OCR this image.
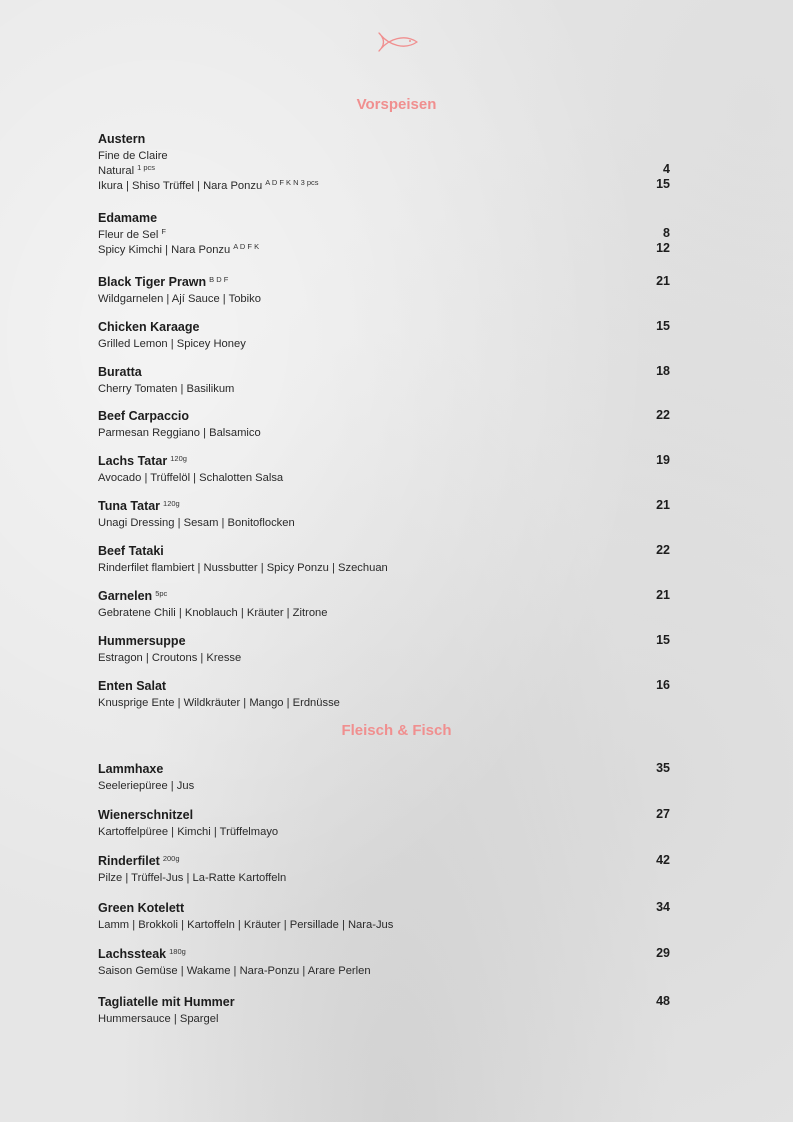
Vorspeisen
Austern
Fine de Claire
Natural $^{1 pcs}$	4
Ikura | Shiso Trüffel | Nara Ponzu $^{A D F K N 3 pcs}$	15
Edamame
Fleur de Sel $^F$	8
Spicy Kimchi | Nara Ponzu $^{A D F K}$	12
Black Tiger Prawn $^{B D F}$	21
Wildgarnelen | Ají Sauce | Tobiko
Chicken Karaage	15
Grilled Lemon | Spicey Honey
Buratta	18
Cherry Tomaten | Basilikum
Beef Carpaccio	22
Parmesan Reggiano | Balsamico
Lachs Tatar $^{120g}$	19
Avocado | Trüffelöl | Schalotten Salsa
Tuna Tatar $^{120g}$	21
Unagi Dressing | Sesam | Bonitoflocken
Beef Tataki	22
Rinderfilet flambiert | Nussbutter | Spicy Ponzu | Szechuan
Garnelen $^{5pc}$	21
Gebratene Chili | Knoblauch | Kräuter | Zitrone
Hummersuppe	15
Estragon | Croutons | Kresse
Enten Salat	16
Knusprige Ente | Wildkräuter | Mango | Erdnüsse
Fleisch & Fisch
Lammhaxe	35
Seeleriepüree | Jus
Wienerschnitzel	27
Kartoffelpüree | Kimchi | Trüffelmayo
Rinderfilet $^{200g}$	42
Pilze | Trüffel-Jus | La-Ratte Kartoffeln
Green Kotelett	34
Lamm | Brokkoli | Kartoffeln | Kräuter | Persillade | Nara-Jus
Lachssteak $^{180g}$	29
Saison Gemüse | Wakame | Nara-Ponzu | Arare Perlen
Tagliatelle mit Hummer	48
Hummersauce | Spargel
